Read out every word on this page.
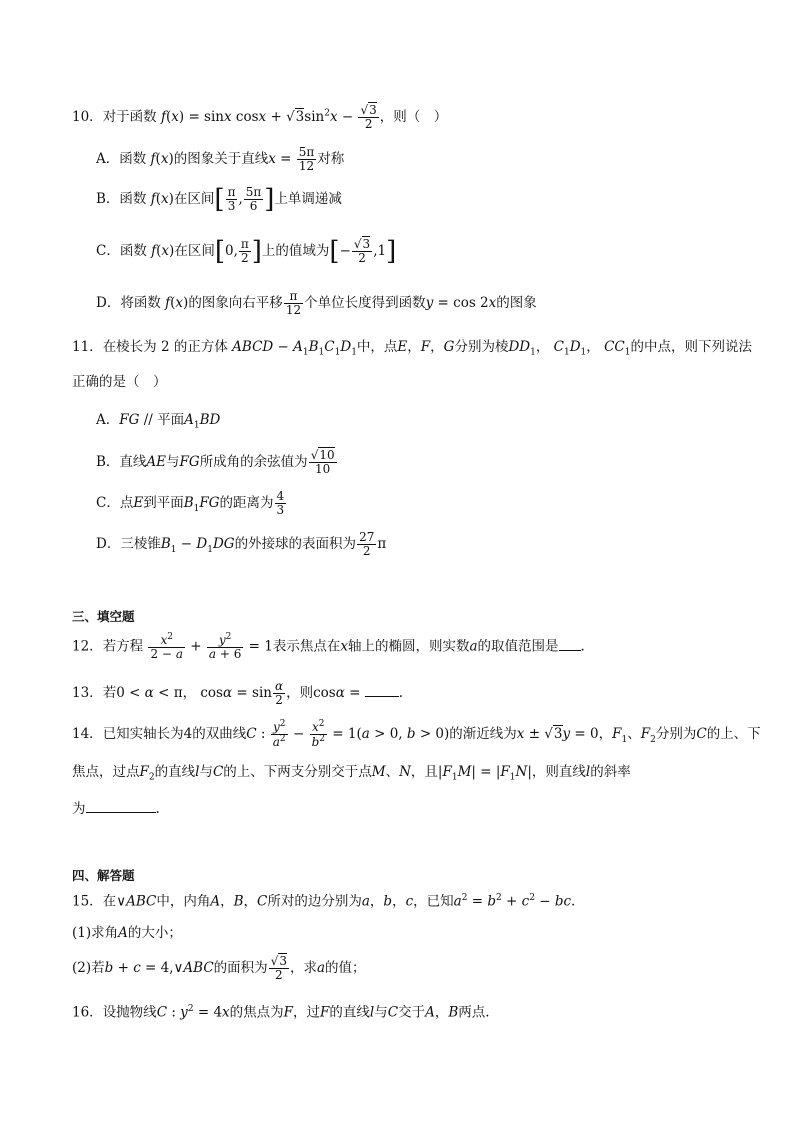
10．对于函数 f(x) = sinx $\cos x + √3\sin^2x - \frac{√3}{2}$ ，则（　）
A．函数 f(x)的图象关于直线$x = \frac{5\pi}{12}$ 对称
B．函数 f(x)在区间[ $\frac{\pi}{3}$ , $\frac{5\pi}{6}$ ]上单调递减
C．函数 f(x)在区间[0, $\frac{\pi}{2}$ ]上的值域为[− $\frac{√3}{2} ,1$]
D．将函数 f(x)的图象向右平移 $\frac{\pi}{12}$ 个单位长度得到函数y = cos 2x的图象
11．在棱长为 2 的正方体 ABCD − $A_1B_1C_1D_1$中，点E，F，G分别为棱$DD_1$， $C_1D_1$， $CC_1$的中点，则下列说法
正确的是（　）
A．FG // 平面$A_1BD$
B．直线AE与FG所成角的余弦值为 $\frac{√10}{10}$
C．点E到平面$B_1FG$的距离为 $\frac{4}{3}$
D．三棱锥$B_1 - D_1DG$的外接球的表面积为 $\frac{27}{2}$ π
三、填空题
12．若方程 $\frac{x^2}{2 - a} + \frac{y^2}{a + 6} = 1$表示焦点在x轴上的椭圆，则实数a的取值范围是 .
13．若0 < α < π， $\cos\alpha = \sin \frac{\alpha}{2}$ ，则cosα =	.
14．已知实轴长为4的双曲线C : $\frac{y^2}{a^2} - \frac{x^2}{b^2} = 1(a > 0$, b > 0)的渐近线为x ± √3y = 0，$F_1$、$F_2$分别为C的上、下
焦点，过点$F_2$的直线l与C的上、下两支分别交于点M、N，且$|F_1M| = |F_1N|$，则直线l的斜率
为	.
四、解答题
15．在∨ABC中，内角A，B，C所对的边分别为a，b，c，已知$a^2 = b^2 + c^2$ − bc.
(1)求角A的大小；
(2)若b + c = 4,∨ABC的面积为 $\frac{√3}{2}$ ，求a的值；
16．设抛物线C : $y^2 = 4x$的焦点为F，过F的直线l与C交于A，B两点.
